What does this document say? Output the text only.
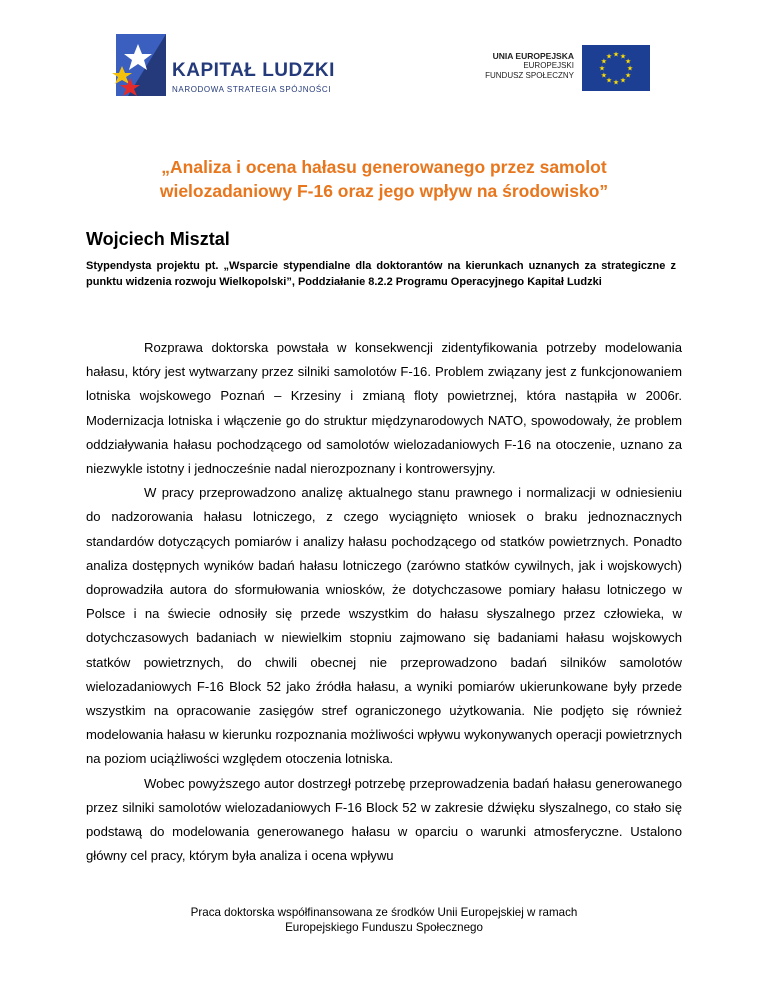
KAPITAŁ LUDZKI
NARODOWA STRATEGIA SPÓJNOŚCI
UNIA EUROPEJSKA
EUROPEJSKI
FUNDUSZ SPOŁECZNY
★ ★
★
★
★
★
★
★
★
★
★
★
„Analiza i ocena hałasu generowanego przez samolot
wielozadaniowy F-16 oraz jego wpływ na środowisko”
Wojciech Misztal
Stypendysta projektu pt. „Wsparcie stypendialne dla doktorantów na kierunkach uznanych za strategiczne z punktu widzenia rozwoju Wielkopolski”, Poddziałanie 8.2.2 Programu Operacyjnego Kapitał Ludzki

Rozprawa doktorska powstała w konsekwencji zidentyfikowania potrzeby modelowania hałasu, który jest wytwarzany przez silniki samolotów F-16. Problem związany jest z funkcjonowaniem lotniska wojskowego Poznań – Krzesiny i zmianą floty powietrznej, która nastąpiła w 2006r. Modernizacja lotniska i włączenie go do struktur międzynarodowych NATO, spowodowały, że problem oddziaływania hałasu pochodzącego od samolotów wielozadaniowych F-16 na otoczenie, uznano za niezwykle istotny i jednocześnie nadal nierozpoznany i kontrowersyjny.

W pracy przeprowadzono analizę aktualnego stanu prawnego i normalizacji w odniesieniu do nadzorowania hałasu lotniczego, z czego wyciągnięto wniosek o braku jednoznacznych standardów dotyczących pomiarów i analizy hałasu pochodzącego od statków powietrznych. Ponadto analiza dostępnych wyników badań hałasu lotniczego (zarówno statków cywilnych, jak i wojskowych) doprowadziła autora do sformułowania wniosków, że dotychczasowe pomiary hałasu lotniczego w Polsce i na świecie odnosiły się przede wszystkim do hałasu słyszalnego przez człowieka, w dotychczasowych badaniach w niewielkim stopniu zajmowano się badaniami hałasu wojskowych statków powietrznych, do chwili obecnej nie przeprowadzono badań silników samolotów wielozadaniowych F-16 Block 52 jako źródła hałasu, a wyniki pomiarów ukierunkowane były przede wszystkim na opracowanie zasięgów stref ograniczonego użytkowania. Nie podjęto się również modelowania hałasu w kierunku rozpoznania możliwości wpływu wykonywanych operacji powietrznych na poziom uciążliwości względem otoczenia lotniska.

Wobec powyższego autor dostrzegł potrzebę przeprowadzenia badań hałasu generowanego przez silniki samolotów wielozadaniowych F-16 Block 52 w zakresie dźwięku słyszalnego, co stało się podstawą do modelowania generowanego hałasu w oparciu o warunki atmosferyczne. Ustalono główny cel pracy, którym była analiza i ocena wpływu

Praca doktorska współfinansowana ze środków Unii Europejskiej w ramach
Europejskiego Funduszu Społecznego
